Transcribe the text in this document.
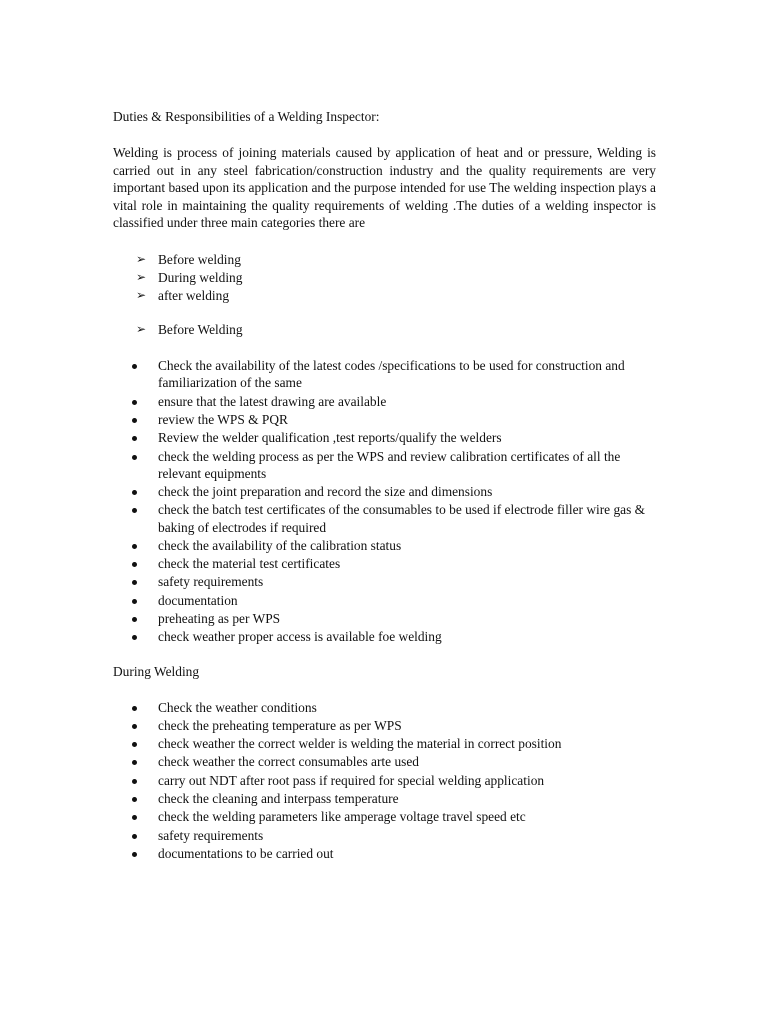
Duties & Responsibilities of a Welding Inspector:

Welding is process of joining materials caused by application of heat and or pressure, Welding is carried out in any steel fabrication/construction industry and the quality requirements are very important based upon its application and the purpose intended for use The welding inspection plays a vital role in maintaining the quality requirements of welding .The duties of a welding inspector is classified under three main categories there are

➢ Before welding
➢ During welding
➢ after welding
➢ Before Welding
Check the availability of the latest codes /specifications to be used for construction and familiarization of the same
ensure that the latest drawing are available
review the WPS & PQR
Review the welder qualification ,test reports/qualify the welders
check the welding process as per the WPS and review calibration certificates of all the relevant equipments
check the joint preparation and record the size and dimensions
check the batch test certificates of the consumables to be used if electrode filler wire gas & baking of electrodes if required
check the availability of the calibration status
check the material test certificates
safety requirements
documentation
preheating as per WPS
check weather proper access is available foe welding
During Welding
Check the weather conditions
check the preheating temperature as per WPS
check weather the correct welder is welding the material in correct position
check weather the correct consumables arte used
carry out NDT after root pass if required for special welding application
check the cleaning and interpass temperature
check the welding parameters like amperage voltage travel speed etc
safety requirements
documentations to be carried out
